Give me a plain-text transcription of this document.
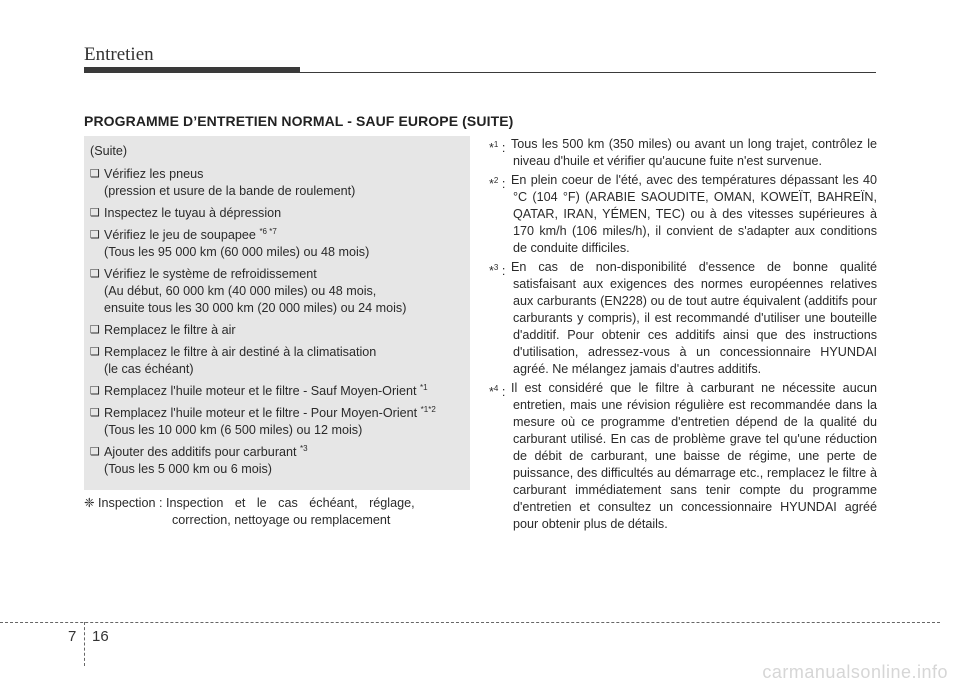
Entretien
PROGRAMME D’ENTRETIEN NORMAL - SAUF EUROPE (SUITE)
(Suite)
❑ Vérifiez les pneus
(pression et usure de la bande de roulement)
❑ Inspectez le tuyau à dépression
❑ Vérifiez le jeu de soupapee $^{*6 *7}$
(Tous les 95 000 km (60 000 miles) ou 48 mois)
❑ Vérifiez le système de refroidissement
(Au début, 60 000 km (40 000 miles) ou 48 mois,
ensuite tous les 30 000 km (20 000 miles) ou 24 mois)
❑ Remplacez le filtre à air
❑ Remplacez le filtre à air destiné à la climatisation
(le cas échéant)
❑ Remplacez l'huile moteur et le filtre - Sauf Moyen-Orient $^{*1}$
❑ Remplacez l'huile moteur et le filtre - Pour Moyen-Orient $^{*1*2}$
(Tous les 10 000 km (6 500 miles) ou 12 mois)
❑ Ajouter des additifs pour carburant $^{*3}$
(Tous les 5 000 km ou 6 mois)
❈ Inspection : Inspection et le cas échéant, réglage,
correction, nettoyage ou remplacement
*$^1$ : Tous les 500 km (350 miles) ou avant un long trajet, contrôlez le niveau d'huile et vérifier qu'aucune fuite n'est survenue.
*$^2$ : En plein coeur de l'été, avec des températures dépassant les 40 °C (104 °F) (ARABIE SAOUDITE, OMAN, KOWEÏT, BAHREÏN, QATAR, IRAN, YÉMEN, TEC) ou à des vitesses supérieures à 170 km/h (106 miles/h), il convient de s'adapter aux conditions de conduite difficiles.
*$^3$ : En cas de non-disponibilité d'essence de bonne qualité satisfaisant aux exigences des normes européennes relatives aux carburants (EN228) ou de tout autre équivalent (additifs pour carburants y compris), il est recommandé d'utiliser une bouteille d'additif. Pour obtenir ces additifs ainsi que des instructions d'utilisation, adressez-vous à un concessionnaire HYUNDAI agréé. Ne mélangez jamais d'autres additifs.
*$^4$ : Il est considéré que le filtre à carburant ne nécessite aucun entretien, mais une révision régulière est recommandée dans la mesure où ce programme d'entretien dépend de la qualité du carburant utilisé. En cas de problème grave tel qu'une réduction de débit de carburant, une baisse de régime, une perte de puissance, des difficultés au démarrage etc., remplacez le filtre à carburant immédiatement sans tenir compte du programme d'entretien et consultez un concessionnaire HYUNDAI agréé pour obtenir plus de détails.
7 16
carmanualsonline.info
